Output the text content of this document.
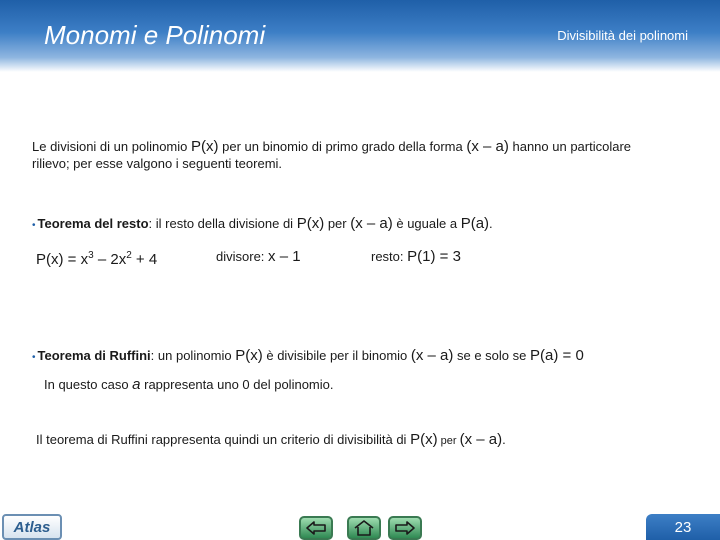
Monomi e Polinomi	Divisibilità dei polinomi
Le divisioni di un polinomio P(x) per un binomio di primo grado della forma (x – a) hanno un particolare
rilievo; per esse valgono i seguenti teoremi.
• Teorema del resto: il resto della divisione di P(x) per (x – a) è uguale a P(a).
$P(x) = x^3 - 2x^2 + 4$	divisore: x – 1	resto: P(1) = 3
• Teorema di Ruffini: un polinomio P(x) è divisibile per il binomio (x – a) se e solo se P(a) = 0
In questo caso a rappresenta uno 0 del polinomio.
Il teorema di Ruffini rappresenta quindi un criterio di divisibilità di P(x) per (x – a).
Atlas	23
